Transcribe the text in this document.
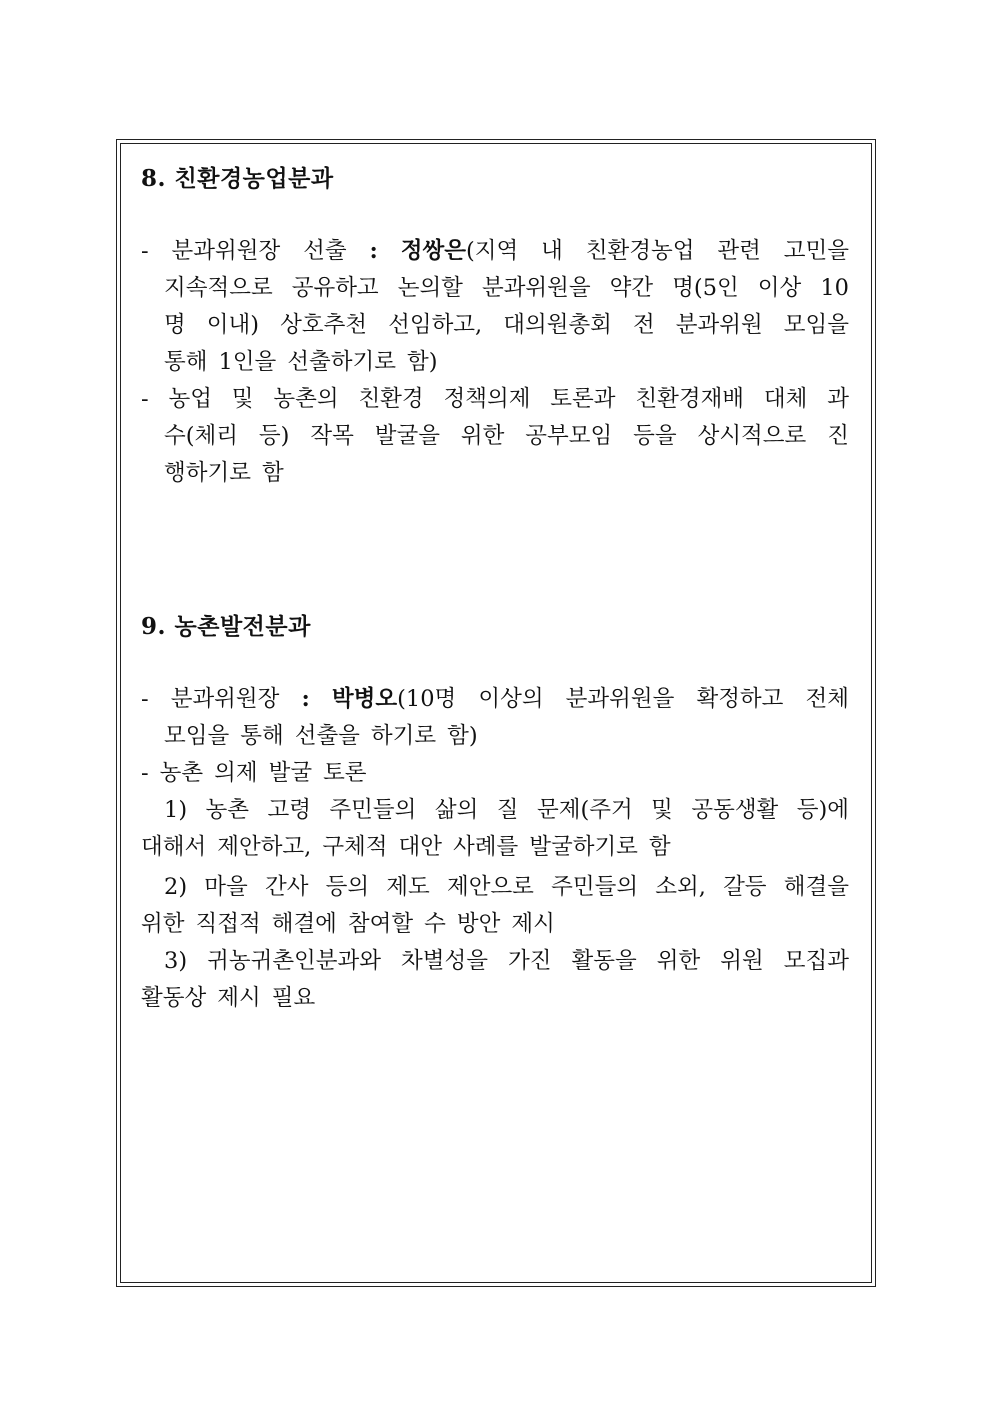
8. 친환경농업분과
- 분과위원장 선출 : 정쌍은(지역 내 친환경농업 관련 고민을
지속적으로 공유하고 논의할 분과위원을 약간 명(5인 이상 10
명 이내) 상호추천 선임하고, 대의원총회 전 분과위원 모임을
통해 1인을 선출하기로 함)
- 농업 및 농촌의 친환경 정책의제 토론과 친환경재배 대체 과
수(체리 등) 작목 발굴을 위한 공부모임 등을 상시적으로 진
행하기로 함
9. 농촌발전분과
- 분과위원장 : 박병오(10명 이상의 분과위원을 확정하고 전체
모임을 통해 선출을 하기로 함)
- 농촌 의제 발굴 토론
1) 농촌 고령 주민들의 삶의 질 문제(주거 및 공동생활 등)에
대해서 제안하고, 구체적 대안 사례를 발굴하기로 함
2) 마을 간사 등의 제도 제안으로 주민들의 소외, 갈등 해결을
위한 직접적 해결에 참여할 수 방안 제시
3) 귀농귀촌인분과와 차별성을 가진 활동을 위한 위원 모집과
활동상 제시 필요
